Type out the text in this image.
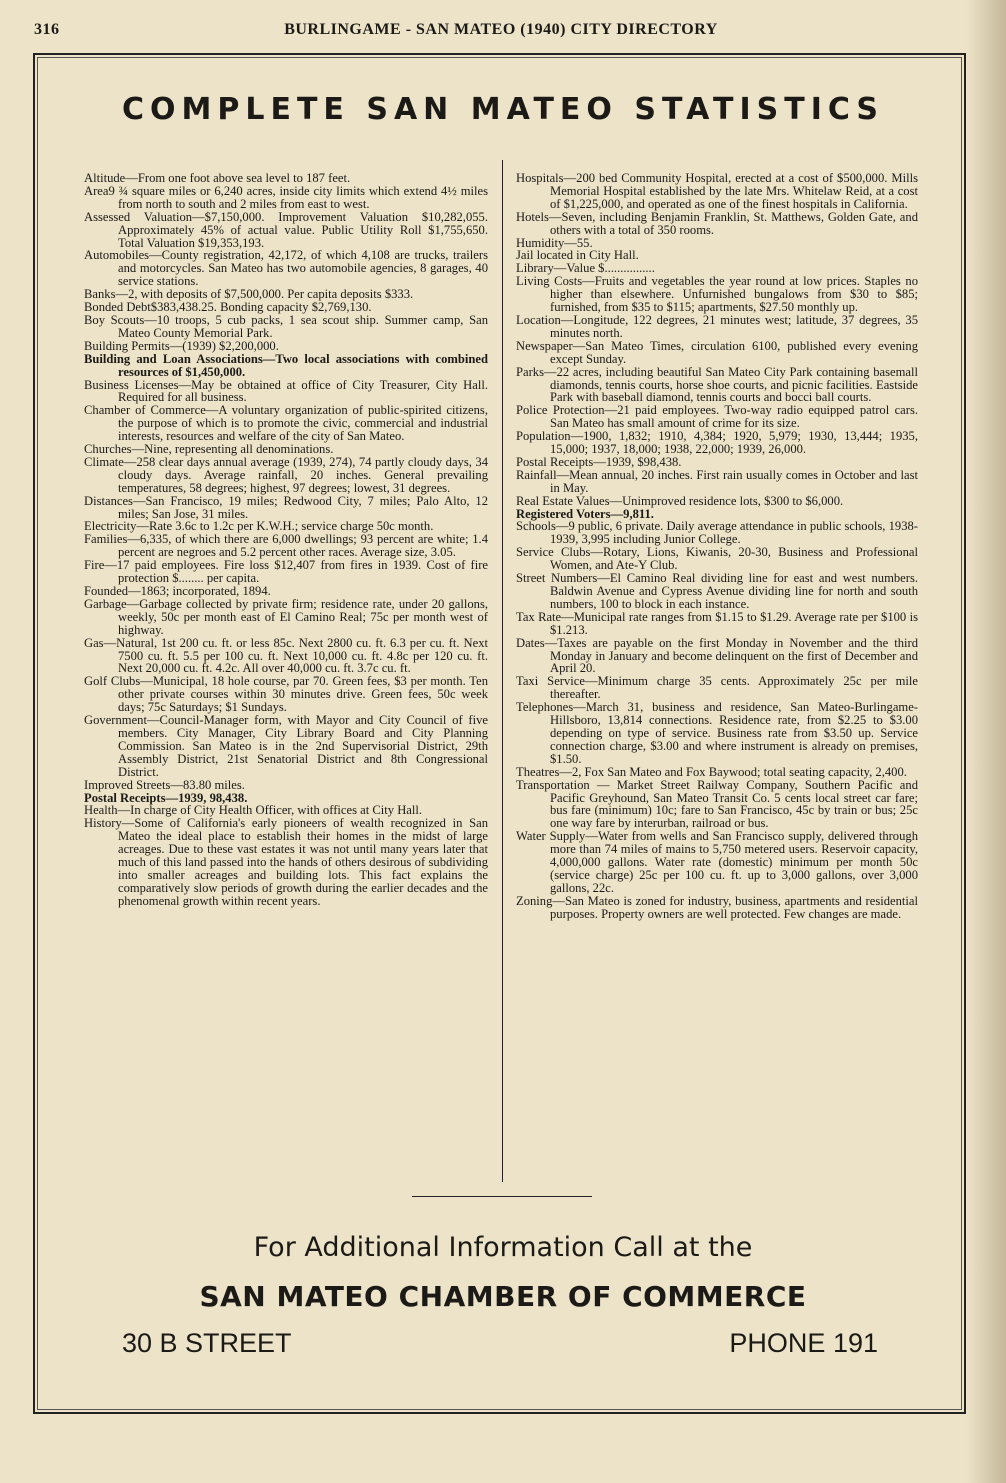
316	BURLINGAME - SAN MATEO (1940) CITY DIRECTORY
COMPLETE SAN MATEO STATISTICS
Altitude—From one foot above sea level to 187 feet.
Area9 ¾ square miles or 6,240 acres, inside city limits which extend 4½ miles from north to south and 2 miles from east to west.
Assessed Valuation—$7,150,000. Improvement Valuation $10,282,055. Approximately 45% of actual value. Public Utility Roll $1,755,650. Total Valuation $19,353,193.
Automobiles—County registration, 42,172, of which 4,108 are trucks, trailers and motorcycles. San Mateo has two automobile agencies, 8 garages, 40 service stations.
Banks—2, with deposits of $7,500,000. Per capita deposits $333.
Bonded Debt$383,438.25. Bonding capacity $2,769,130.
Boy Scouts—10 troops, 5 cub packs, 1 sea scout ship. Summer camp, San Mateo County Memorial Park.
Building Permits—(1939) $2,200,000.
Building and Loan Associations—Two local associations with combined resources of $1,450,000.
Business Licenses—May be obtained at office of City Treasurer, City Hall. Required for all business.
Chamber of Commerce—A voluntary organization of public-spirited citizens, the purpose of which is to promote the civic, commercial and industrial interests, resources and welfare of the city of San Mateo.
Churches—Nine, representing all denominations.
Climate—258 clear days annual average (1939, 274), 74 partly cloudy days, 34 cloudy days. Average rainfall, 20 inches. General prevailing temperatures, 58 degrees; highest, 97 degrees; lowest, 31 degrees.
Distances—San Francisco, 19 miles; Redwood City, 7 miles; Palo Alto, 12 miles; San Jose, 31 miles.
Electricity—Rate 3.6c to 1.2c per K.W.H.; service charge 50c month.
Families—6,335, of which there are 6,000 dwellings; 93 percent are white; 1.4 percent are negroes and 5.2 percent other races. Average size, 3.05.
Fire—17 paid employees. Fire loss $12,407 from fires in 1939. Cost of fire protection $........ per capita.
Founded—1863; incorporated, 1894.
Garbage—Garbage collected by private firm; residence rate, under 20 gallons, weekly, 50c per month east of El Camino Real; 75c per month west of highway.
Gas—Natural, 1st 200 cu. ft. or less 85c. Next 2800 cu. ft. 6.3 per cu. ft. Next 7500 cu. ft. 5.5 per 100 cu. ft. Next 10,000 cu. ft. 4.8c per 120 cu. ft. Next 20,000 cu. ft. 4.2c. All over 40,000 cu. ft. 3.7c cu. ft.
Golf Clubs—Municipal, 18 hole course, par 70. Green fees, $3 per month. Ten other private courses within 30 minutes drive. Green fees, 50c week days; 75c Saturdays; $1 Sundays.
Government—Council-Manager form, with Mayor and City Council of five members. City Manager, City Library Board and City Planning Commission. San Mateo is in the 2nd Supervisorial District, 29th Assembly District, 21st Senatorial District and 8th Congressional District.
Improved Streets—83.80 miles.
Postal Receipts—1939, 98,438.
Health—In charge of City Health Officer, with offices at City Hall.
History—Some of California's early pioneers of wealth recognized in San Mateo the ideal place to establish their homes in the midst of large acreages. Due to these vast estates it was not until many years later that much of this land passed into the hands of others desirous of subdividing into smaller acreages and building lots. This fact explains the comparatively slow periods of growth during the earlier decades and the phenomenal growth within recent years.
Hospitals—200 bed Community Hospital, erected at a cost of $500,000. Mills Memorial Hospital established by the late Mrs. Whitelaw Reid, at a cost of $1,225,000, and operated as one of the finest hospitals in California.
Hotels—Seven, including Benjamin Franklin, St. Matthews, Golden Gate, and others with a total of 350 rooms.
Humidity—55.
Jail located in City Hall.
Library—Value $................
Living Costs—Fruits and vegetables the year round at low prices. Staples no higher than elsewhere. Unfurnished bungalows from $30 to $85; furnished, from $35 to $115; apartments, $27.50 monthly up.
Location—Longitude, 122 degrees, 21 minutes west; latitude, 37 degrees, 35 minutes north.
Newspaper—San Mateo Times, circulation 6100, published every evening except Sunday.
Parks—22 acres, including beautiful San Mateo City Park containing basemall diamonds, tennis courts, horse shoe courts, and picnic facilities. Eastside Park with baseball diamond, tennis courts and bocci ball courts.
Police Protection—21 paid employees. Two-way radio equipped patrol cars. San Mateo has small amount of crime for its size.
Population—1900, 1,832; 1910, 4,384; 1920, 5,979; 1930, 13,444; 1935, 15,000; 1937, 18,000; 1938, 22,000; 1939, 26,000.
Postal Receipts—1939, $98,438.
Rainfall—Mean annual, 20 inches. First rain usually comes in October and last in May.
Real Estate Values—Unimproved residence lots, $300 to $6,000.
Registered Voters—9,811.
Schools—9 public, 6 private. Daily average attendance in public schools, 1938-1939, 3,995 including Junior College.
Service Clubs—Rotary, Lions, Kiwanis, 20-30, Business and Professional Women, and Ate-Y Club.
Street Numbers—El Camino Real dividing line for east and west numbers. Baldwin Avenue and Cypress Avenue dividing line for north and south numbers, 100 to block in each instance.
Tax Rate—Municipal rate ranges from $1.15 to $1.29. Average rate per $100 is $1.213.
Dates—Taxes are payable on the first Monday in November and the third Monday in January and become delinquent on the first of December and April 20.
Taxi Service—Minimum charge 35 cents. Approximately 25c per mile thereafter.
Telephones—March 31, business and residence, San Mateo-Burlingame-Hillsboro, 13,814 connections. Residence rate, from $2.25 to $3.00 depending on type of service. Business rate from $3.50 up. Service connection charge, $3.00 and where instrument is already on premises, $1.50.
Theatres—2, Fox San Mateo and Fox Baywood; total seating capacity, 2,400.
Transportation — Market Street Railway Company, Southern Pacific and Pacific Greyhound, San Mateo Transit Co. 5 cents local street car fare; bus fare (minimum) 10c; fare to San Francisco, 45c by train or bus; 25c one way fare by interurban, railroad or bus.
Water Supply—Water from wells and San Francisco supply, delivered through more than 74 miles of mains to 5,750 metered users. Reservoir capacity, 4,000,000 gallons. Water rate (domestic) minimum per month 50c (service charge) 25c per 100 cu. ft. up to 3,000 gallons, over 3,000 gallons, 22c.
Zoning—San Mateo is zoned for industry, business, apartments and residential purposes. Property owners are well protected. Few changes are made.
For Additional Information Call at the
SAN MATEO CHAMBER OF COMMERCE
30 B STREET	PHONE 191
